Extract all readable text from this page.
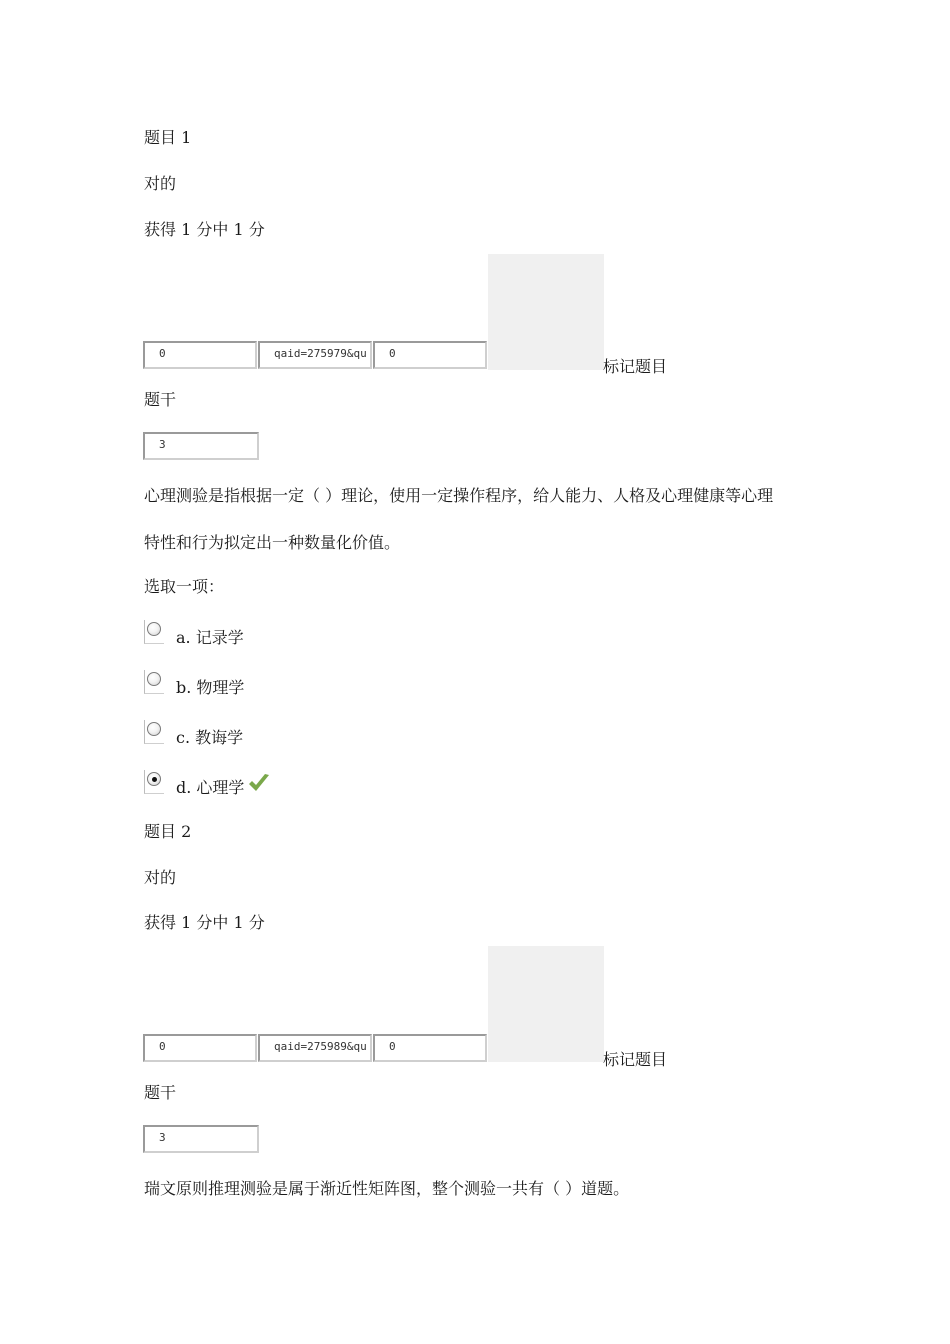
题目 1
对的
获得 1 分中 1 分
0	qaid=275979&qu	0
标记题目
题干
3
心理测验是指根据一定（ ）理论，使用一定操作程序，给人能力、人格及心理健康等心理
特性和行为拟定出一种数量化价值。
选取一项：
a. 记录学
b. 物理学
c. 教诲学
d. 心理学
题目 2
对的
获得 1 分中 1 分
0	qaid=275989&qu	0
标记题目
题干
3
瑞文原则推理测验是属于渐近性矩阵图，整个测验一共有（ ）道题。
